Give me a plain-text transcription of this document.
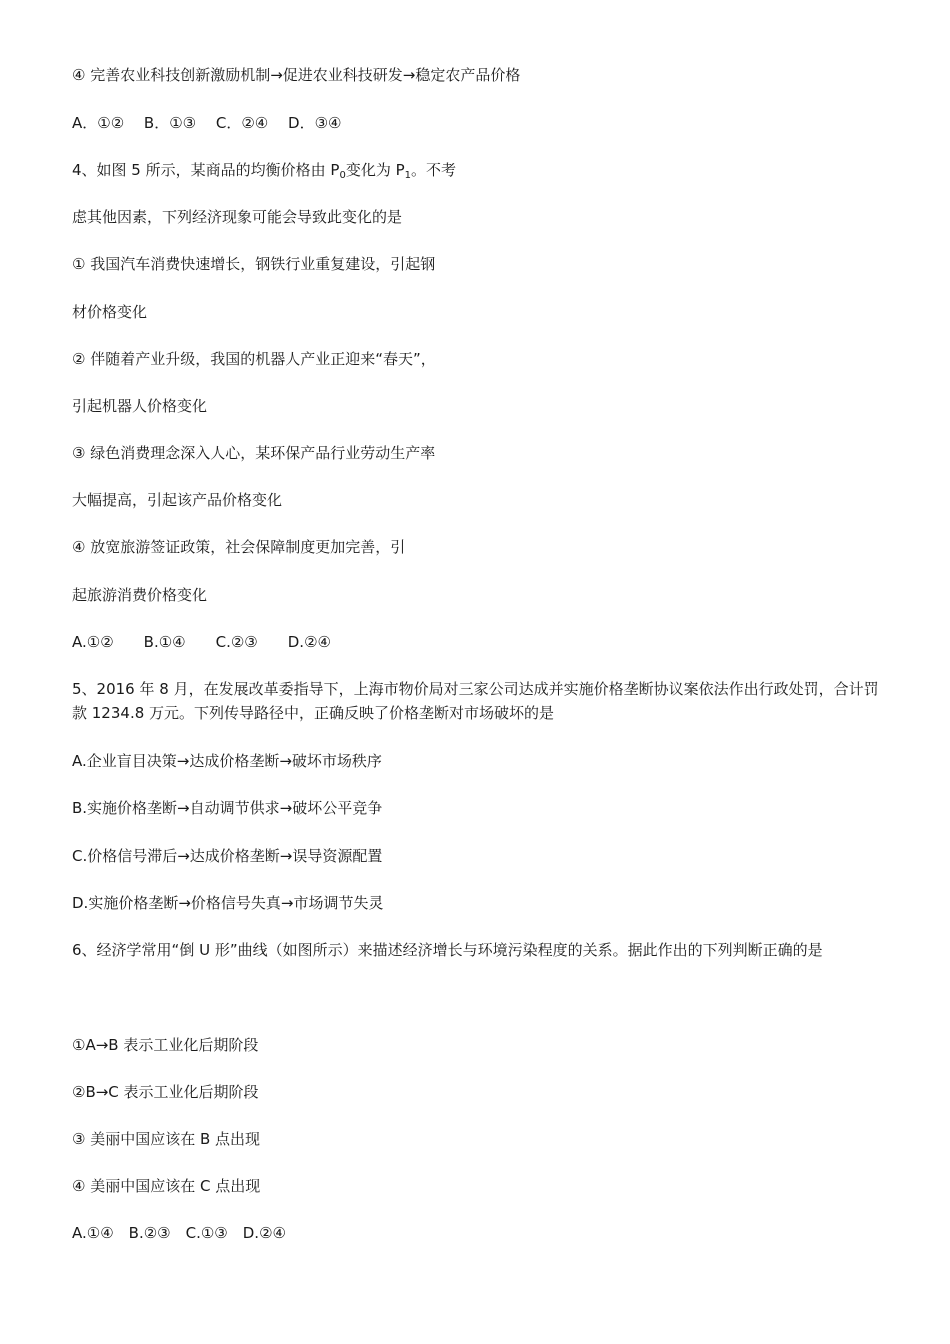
④ 完善农业科技创新激励机制→促进农业科技研发→稳定农产品价格
A．①②　 B．①③　 C．②④　 D．③④
4、如图 5 所示，某商品的均衡价格由 $P_0$变化为 $P_1$。不考
虑其他因素，下列经济现象可能会导致此变化的是
① 我国汽车消费快速增长，钢铁行业重复建设，引起钢
材价格变化
② 伴随着产业升级，我国的机器人产业正迎来“春天”，
引起机器人价格变化
③ 绿色消费理念深入人心，某环保产品行业劳动生产率
大幅提高，引起该产品价格变化
④ 放宽旅游签证政策，社会保障制度更加完善，引
起旅游消费价格变化
A.①②　　B.①④　　C.②③　　D.②④
5、2016 年 8 月，在发展改革委指导下，上海市物价局对三家公司达成并实施价格垄断协议案依法作出行政处罚，合计罚款 1234.8 万元。下列传导路径中，正确反映了价格垄断对市场破坏的是
A.企业盲目决策→达成价格垄断→破坏市场秩序
B.实施价格垄断→自动调节供求→破坏公平竞争
C.价格信号滞后→达成价格垄断→误导资源配置
D.实施价格垄断→价格信号失真→市场调节失灵
6、经济学常用“倒 U 形”曲线（如图所示）来描述经济增长与环境污染程度的关系。据此作出的下列判断正确的是
①A→B 表示工业化后期阶段
②B→C 表示工业化后期阶段
③ 美丽中国应该在 B 点出现
④ 美丽中国应该在 C 点出现
A.①④　B.②③　C.①③　D.②④
